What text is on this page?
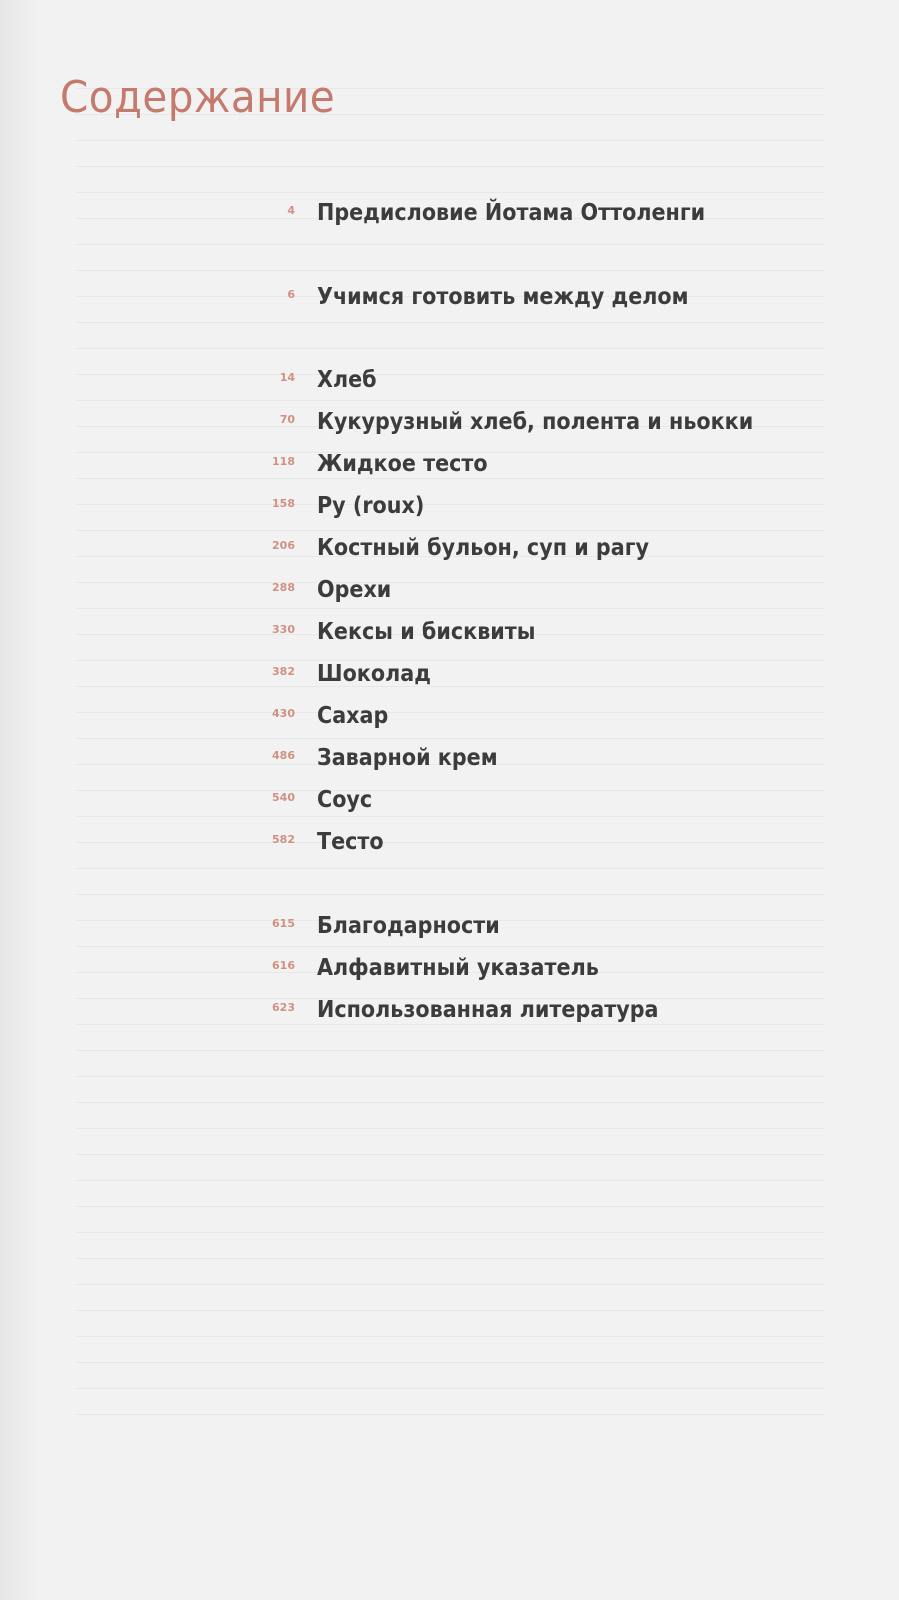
Содержание
4 Предисловие Йотама Оттоленги
6 Учимся готовить между делом
14 Хлеб
70 Кукурузный хлеб, полента и ньокки
118 Жидкое тесто
158 Ру (roux)
206 Костный бульон, суп и рагу
288 Орехи
330 Кексы и бисквиты
382 Шоколад
430 Сахар
486 Заварной крем
540 Соус
582 Тесто
615 Благодарности
616 Алфавитный указатель
623 Использованная литература
